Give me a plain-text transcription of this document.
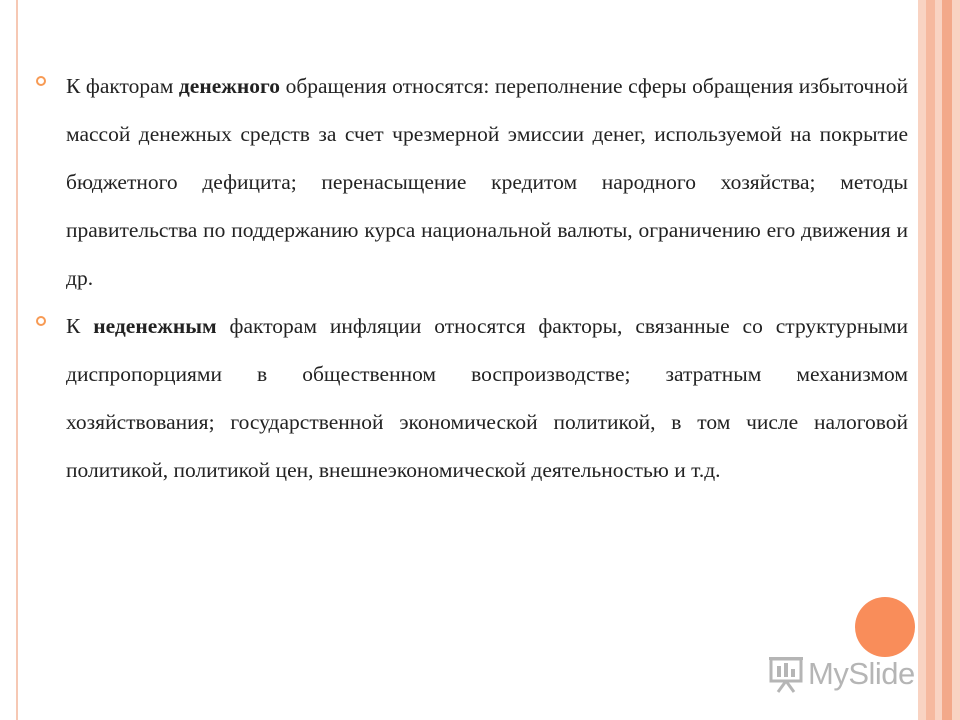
К факторам денежного обращения относятся: переполнение сферы обращения избыточной массой денежных средств за счет чрезмерной эмиссии денег, используемой на покрытие бюджетного дефицита; перенасыщение кредитом народного хозяйства; методы правительства по поддержанию курса национальной валюты, ограничению его движения и др.

К неденежным факторам инфляции относятся факторы, связанные со структурными диспропорциями в общественном воспроизводстве; затратным механизмом хозяйствования; государственной экономической политикой, в том числе налоговой политикой, политикой цен, внешнеэкономической деятельностью и т.д.

MySlide
